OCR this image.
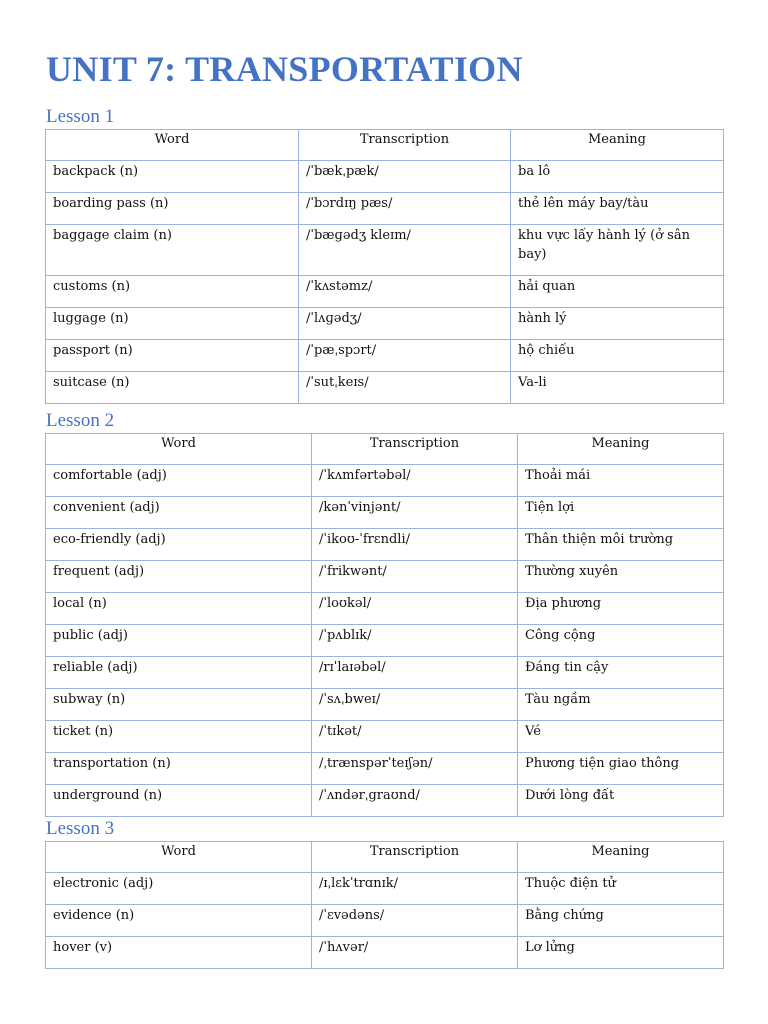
UNIT 7: TRANSPORTATION
Lesson 1
Word	Transcription	Meaning
backpack (n)	/ˈbækˌpæk/	ba lô
boarding pass (n)	/ˈbɔrdɪŋ pæs/	thẻ lên máy bay/tàu
baggage claim (n)	/ˈbæɡədʒ kleɪm/	khu vực lấy hành lý (ở sân bay)
customs (n)	/ˈkʌstəmz/	hải quan
luggage (n)	/ˈlʌɡədʒ/	hành lý
passport (n)	/ˈpæˌspɔrt/	hộ chiếu
suitcase (n)	/ˈsutˌkeɪs/	Va-li
Lesson 2
Word	Transcription	Meaning
comfortable (adj)	/ˈkʌmfərtəbəl/	Thoải mái
convenient (adj)	/kənˈvinjənt/	Tiện lợi
eco-friendly (adj)	/ˈikoʊ-ˈfrɛndli/	Thân thiện môi trường
frequent (adj)	/ˈfrikwənt/	Thường xuyên
local (n)	/ˈloʊkəl/	Địa phương
public (adj)	/ˈpʌblɪk/	Công cộng
reliable (adj)	/rɪˈlaɪəbəl/	Đáng tin cậy
subway (n)	/ˈsʌˌbweɪ/	Tàu ngầm
ticket (n)	/ˈtɪkət/	Vé
transportation (n)	/ˌtrænspərˈteɪʃən/	Phương tiện giao thông
underground (n)	/ˈʌndərˌgraʊnd/	Dưới lòng đất
Lesson 3
Word	Transcription	Meaning
electronic (adj)	/ɪˌlɛkˈtrɑnɪk/	Thuộc điện tử
evidence (n)	/ˈɛvədəns/	Bằng chứng
hover (v)	/ˈhʌvər/	Lơ lửng
